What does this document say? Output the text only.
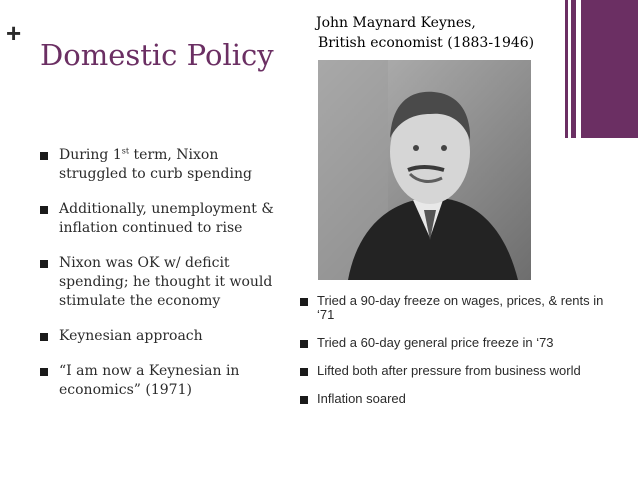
+
Domestic Policy
John Maynard Keynes,
British economist (1883-1946)
During 1st term, Nixon struggled to curb spending
Additionally, unemployment & inflation continued to rise
Nixon was OK w/ deficit spending; he thought it would stimulate the economy
Keynesian approach
“I am now a Keynesian in economics” (1971)
Tried a 90-day freeze on wages, prices, & rents in ‘71
Tried a 60-day general price freeze in ‘73
Lifted both after pressure from business world
Inflation soared
